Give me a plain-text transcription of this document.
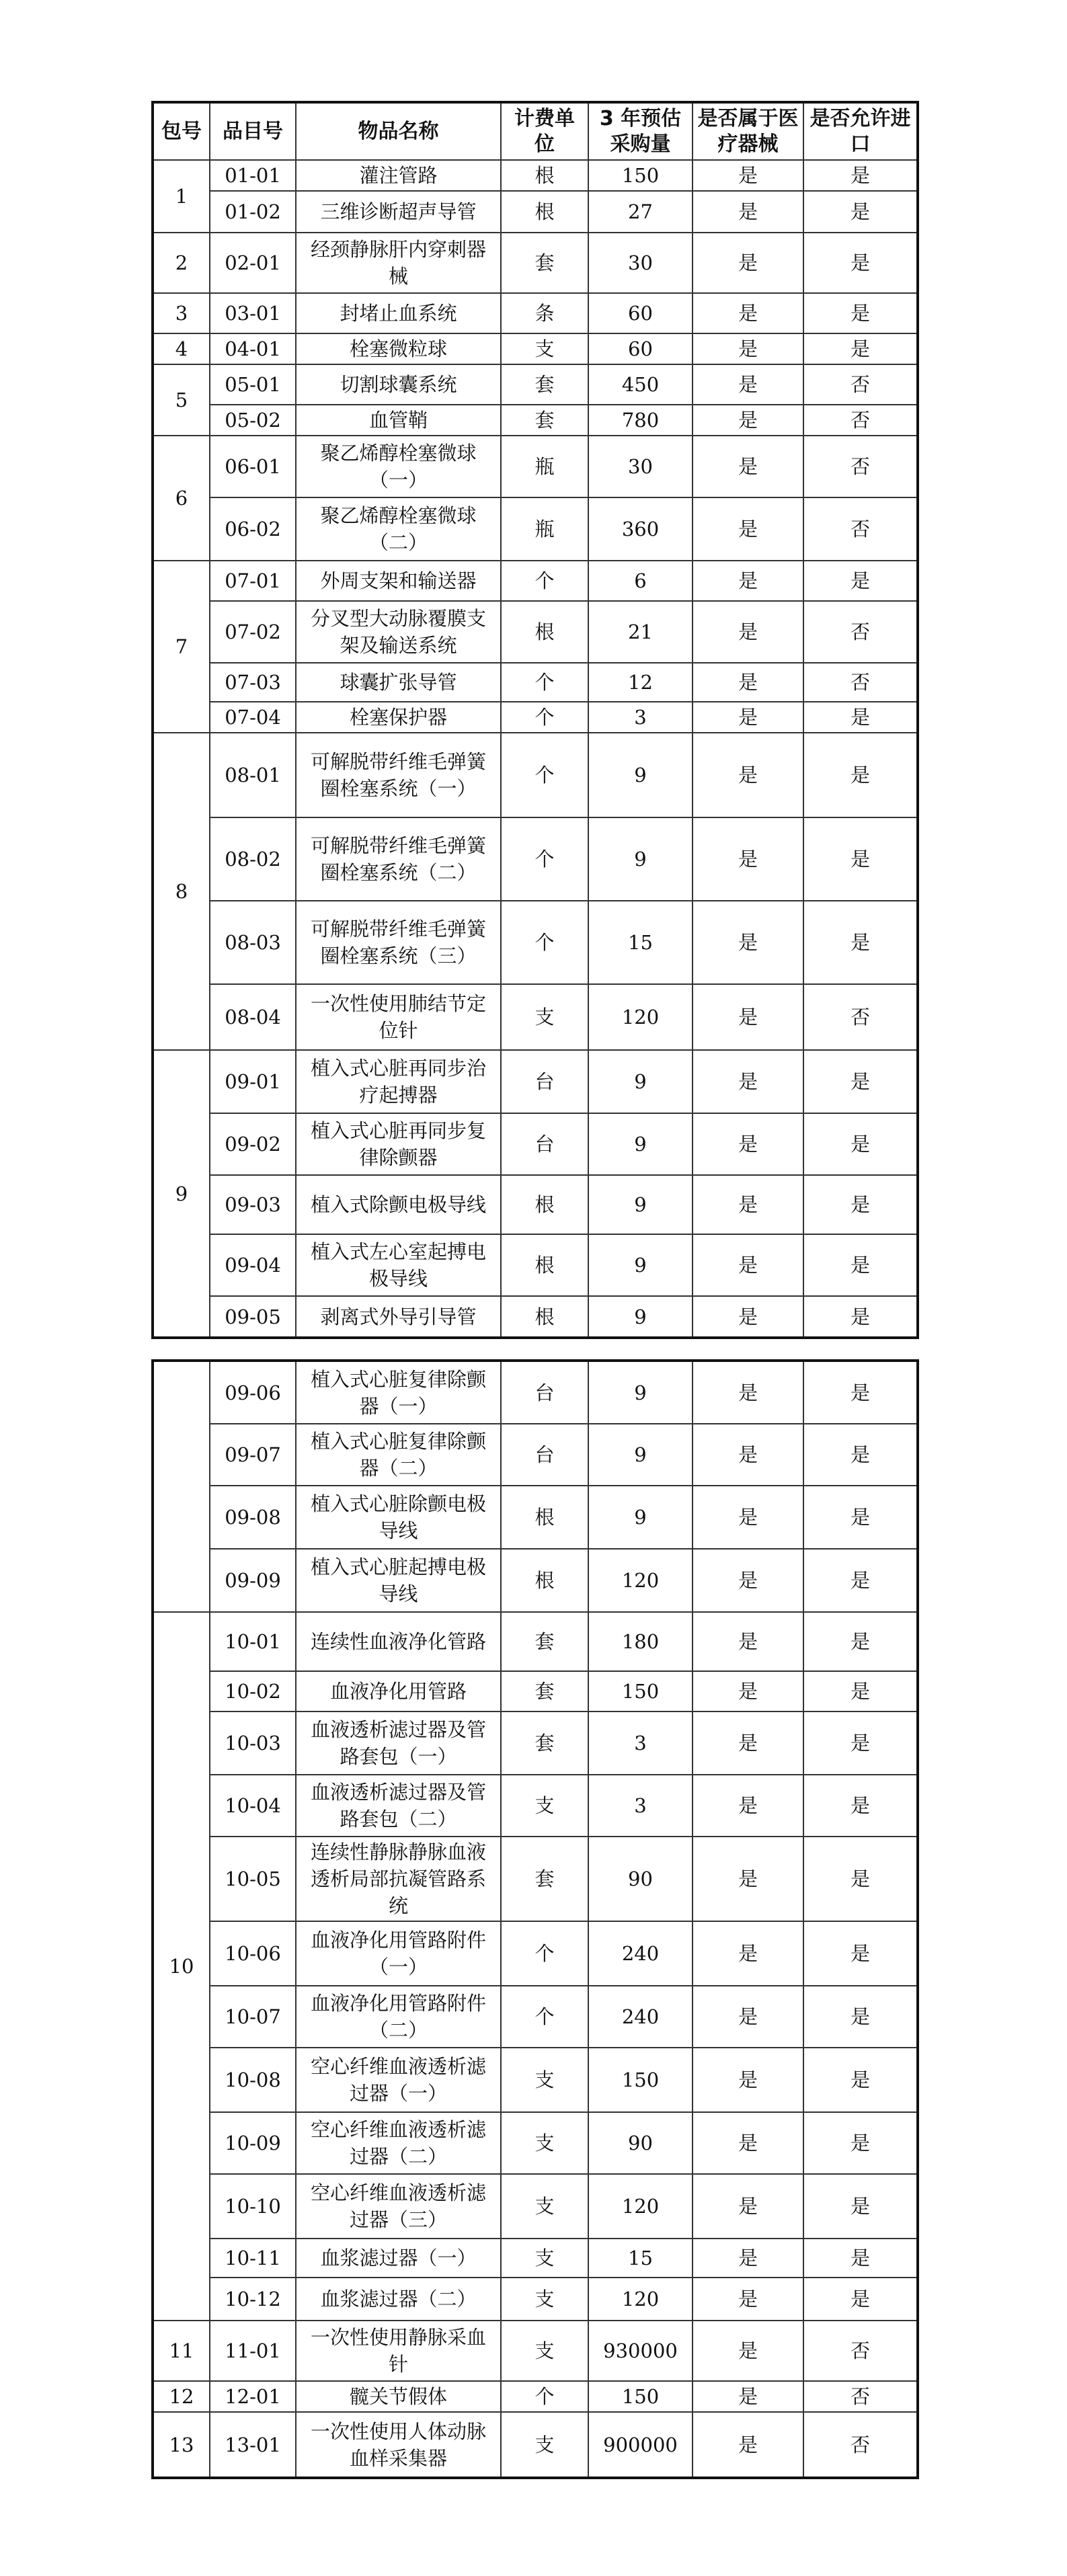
包号	品目号	物品名称	计费单位	3 年预估采购量	是否属于医疗器械	是否允许进口
1	01-01	灌注管路	根	150	是	是
	01-02	三维诊断超声导管	根	27	是	是
2	02-01	经颈静脉肝内穿刺器械	套	30	是	是
3	03-01	封堵止血系统	条	60	是	是
4	04-01	栓塞微粒球	支	60	是	是
5	05-01	切割球囊系统	套	450	是	否
	05-02	血管鞘	套	780	是	否
6	06-01	聚乙烯醇栓塞微球（一）	瓶	30	是	否
	06-02	聚乙烯醇栓塞微球（二）	瓶	360	是	否
7	07-01	外周支架和输送器	个	6	是	是
	07-02	分叉型大动脉覆膜支架及输送系统	根	21	是	否
	07-03	球囊扩张导管	个	12	是	否
	07-04	栓塞保护器	个	3	是	是
8	08-01	可解脱带纤维毛弹簧圈栓塞系统（一）	个	9	是	是
	08-02	可解脱带纤维毛弹簧圈栓塞系统（二）	个	9	是	是
	08-03	可解脱带纤维毛弹簧圈栓塞系统（三）	个	15	是	是
	08-04	一次性使用肺结节定位针	支	120	是	否
9	09-01	植入式心脏再同步治疗起搏器	台	9	是	是
	09-02	植入式心脏再同步复律除颤器	台	9	是	是
	09-03	植入式除颤电极导线	根	9	是	是
	09-04	植入式左心室起搏电极导线	根	9	是	是
	09-05	剥离式外导引导管	根	9	是	是
	09-06	植入式心脏复律除颤器（一）	台	9	是	是
	09-07	植入式心脏复律除颤器（二）	台	9	是	是
	09-08	植入式心脏除颤电极导线	根	9	是	是
	09-09	植入式心脏起搏电极导线	根	120	是	是
10	10-01	连续性血液净化管路	套	180	是	是
	10-02	血液净化用管路	套	150	是	是
	10-03	血液透析滤过器及管路套包（一）	套	3	是	是
	10-04	血液透析滤过器及管路套包（二）	支	3	是	是
	10-05	连续性静脉静脉血液透析局部抗凝管路系统	套	90	是	是
	10-06	血液净化用管路附件（一）	个	240	是	是
	10-07	血液净化用管路附件（二）	个	240	是	是
	10-08	空心纤维血液透析滤过器（一）	支	150	是	是
	10-09	空心纤维血液透析滤过器（二）	支	90	是	是
	10-10	空心纤维血液透析滤过器（三）	支	120	是	是
	10-11	血浆滤过器（一）	支	15	是	是
	10-12	血浆滤过器（二）	支	120	是	是
11	11-01	一次性使用静脉采血针	支	930000	是	否
12	12-01	髋关节假体	个	150	是	否
13	13-01	一次性使用人体动脉血样采集器	支	900000	是	否
